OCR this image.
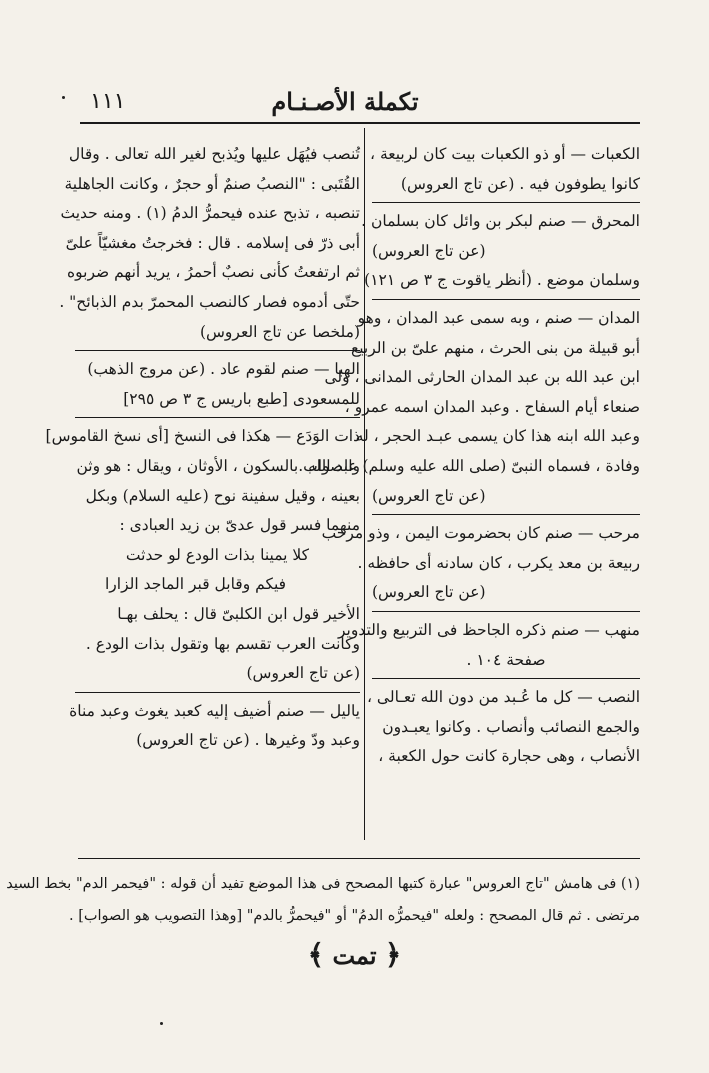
١١١	تكملة الأصـنـام
الكعبات — أو ذو الكعبات بيت كان لربيعة ،
كانوا يطوفون فيه . (عن تاج العروس)
المحرق — صنم لبكر بن وائل كان بسلمان .
(عن تاج العروس)
وسلمان موضع . (أنظر ياقوت ج ٣ ص ١٢١)
المدان — صنم ، وبه سمى عبد المدان ، وهو
أبو قبيلة من بنى الحرث ، منهم علىّ بن الربيع
ابن عبد الله بن عبد المدان الحارثى المدانى ، ولى
صنعاء أيام السفاح . وعبد المدان اسمه عمرو ،
وعبد الله ابنه هذا كان يسمى عبـد الحجر ، له
وفادة ، فسماه النبىّ (صلى الله عليه وسلم) عبد الله .
(عن تاج العروس)
مرحب — صنم كان بحضرموت اليمن ، وذو مرحب
ربيعة بن معد يكرب ، كان سادنه أى حافظه .
(عن تاج العروس)
منهب — صنم ذكره الجاحظ فى التربيع والتدوير
صفحة ١٠٤ .
النصب — كل ما عُـبد من دون الله تعـالى ،
والجمع النصائب وأنصاب . وكانوا يعبـدون
الأنصاب ، وهى حجارة كانت حول الكعبة ،
تُنصب فيُهَل عليها ويُذبح لغير الله تعالى . وقال
القُتَبى : "النصبُ صنمٌ أو حجرٌ ، وكانت الجاهلية
تنصبه ، تذبح عنده فيحمرُّ الدمُ (١) . ومنه حديث
أبى ذرّ فى إسلامه . قال : فخرجتُ مغشيّاً علىّ
ثم ارتفعتُ كأنى نصبٌ أحمرُ ، يريد أنهم ضربوه
حتّى أدموه فصار كالنصب المحمرّ بدم الذبائح" .
(ملخصا عن تاج العروس)
الهبا — صنم لقوم عاد . (عن مروج الذهب)
للمسعودى [طبع باريس ج ٣ ص ٢٩٥]
ذات الوَدَع — هكذا فى النسخ [أى نسخ القاموس]
والصواب بالسكون ، الأوثان ، ويقال : هو وثن
بعينه ، وقيل سفينة نوح (عليه السلام) وبكل
منهما فسر قول عدىّ بن زيد العبادى :
كلا يمينا بذات الودع لو حدثت
فيكم وقابل قبر الماجد الزارا
الأخير قول ابن الكلبىّ قال : يحلف بهـا
وكانت العرب تقسم بها وتقول بذات الودع .
(عن تاج العروس)
ياليل — صنم أضيف إليه كعبد يغوث وعبد مناة
وعبد ودّ وغيرها . (عن تاج العروس)
(١) فى هامش "تاج العروس" عبارة كتبها المصحح فى هذا الموضع تفيد أن قوله : "فيحمر الدم" بخط السيد
مرتضى . ثم قال المصحح : ولعله "فيحمرُّه الدمُ" أو "فيحمرُّ بالدم" [وهذا التصويب هو الصواب] .
﴿ تمت ﴾
